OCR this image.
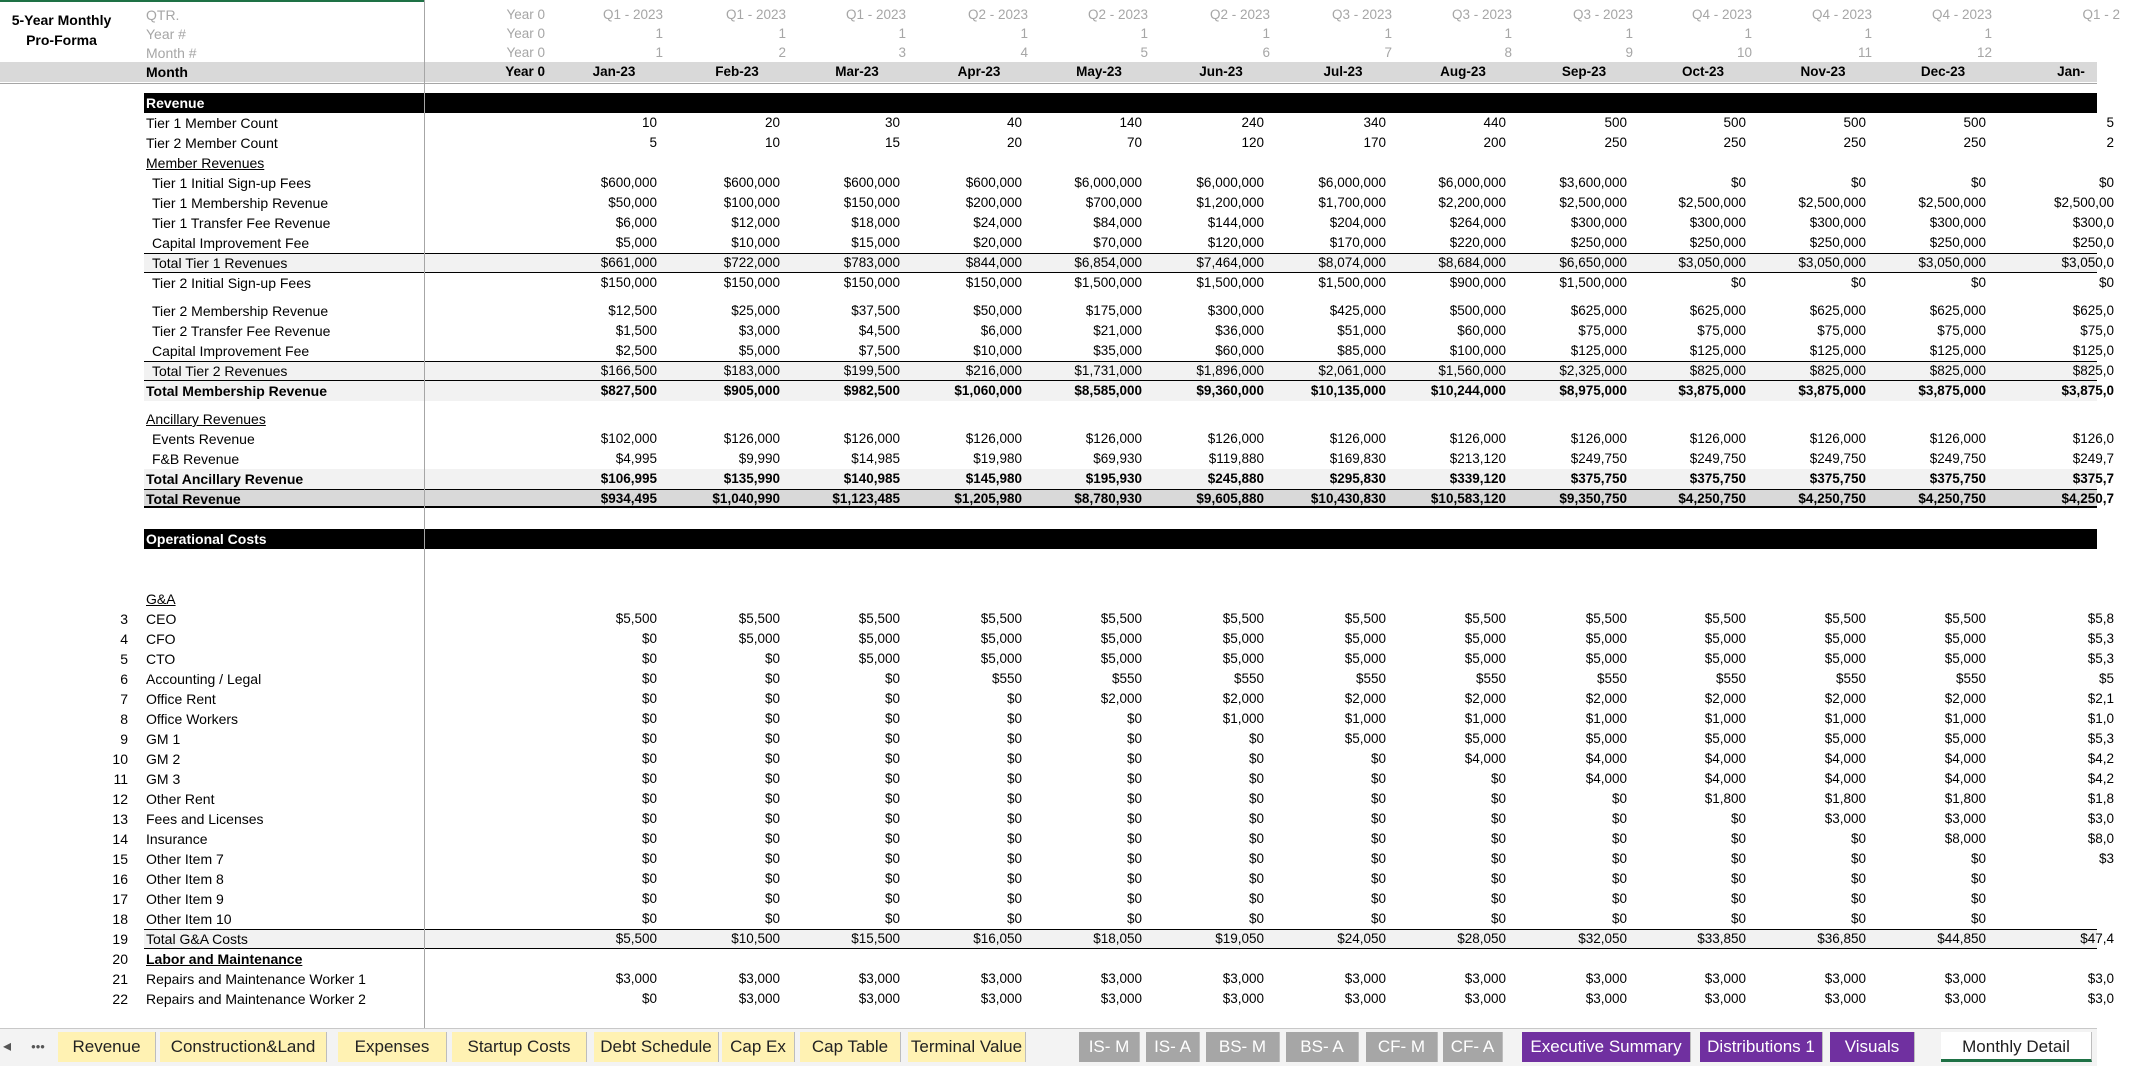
5-Year Monthly
Pro-Forma
QTR.	Year 0	Q1 - 2023	Q1 - 2023	Q1 - 2023	Q2 - 2023	Q2 - 2023	Q2 - 2023	Q3 - 2023	Q3 - 2023	Q3 - 2023	Q4 - 2023	Q4 - 2023	Q4 - 2023	Q1 - 2
Year #	Year 0	1	1	1	1	1	1	1	1	1	1	1	1
Month #	Year 0	1	2	3	4	5	6	7	8	9	10	11	12
Month	Year 0	Jan-23	Feb-23	Mar-23	Apr-23	May-23	Jun-23	Jul-23	Aug-23	Sep-23	Oct-23	Nov-23	Dec-23	Jan-
Revenue
Tier 1 Member Count	10	20	30	40	140	240	340	440	500	500	500	500	5
Tier 2 Member Count	5	10	15	20	70	120	170	200	250	250	250	250	2
Member Revenues
Tier 1 Initial Sign-up Fees	$600,000	$600,000	$600,000	$600,000	$6,000,000	$6,000,000	$6,000,000	$6,000,000	$3,600,000	$0	$0	$0	$0
Tier 1 Membership Revenue	$50,000	$100,000	$150,000	$200,000	$700,000	$1,200,000	$1,700,000	$2,200,000	$2,500,000	$2,500,000	$2,500,000	$2,500,000	$2,500,00
Tier 1 Transfer Fee Revenue	$6,000	$12,000	$18,000	$24,000	$84,000	$144,000	$204,000	$264,000	$300,000	$300,000	$300,000	$300,000	$300,0
Capital Improvement Fee	$5,000	$10,000	$15,000	$20,000	$70,000	$120,000	$170,000	$220,000	$250,000	$250,000	$250,000	$250,000	$250,0
Total Tier 1 Revenues	$661,000	$722,000	$783,000	$844,000	$6,854,000	$7,464,000	$8,074,000	$8,684,000	$6,650,000	$3,050,000	$3,050,000	$3,050,000	$3,050,0
Tier 2 Initial Sign-up Fees	$150,000	$150,000	$150,000	$150,000	$1,500,000	$1,500,000	$1,500,000	$900,000	$1,500,000	$0	$0	$0	$0
Tier 2 Membership Revenue	$12,500	$25,000	$37,500	$50,000	$175,000	$300,000	$425,000	$500,000	$625,000	$625,000	$625,000	$625,000	$625,0
Tier 2 Transfer Fee Revenue	$1,500	$3,000	$4,500	$6,000	$21,000	$36,000	$51,000	$60,000	$75,000	$75,000	$75,000	$75,000	$75,0
Capital Improvement Fee	$2,500	$5,000	$7,500	$10,000	$35,000	$60,000	$85,000	$100,000	$125,000	$125,000	$125,000	$125,000	$125,0
Total Tier 2 Revenues	$166,500	$183,000	$199,500	$216,000	$1,731,000	$1,896,000	$2,061,000	$1,560,000	$2,325,000	$825,000	$825,000	$825,000	$825,0
Total Membership Revenue	$827,500	$905,000	$982,500	$1,060,000	$8,585,000	$9,360,000	$10,135,000	$10,244,000	$8,975,000	$3,875,000	$3,875,000	$3,875,000	$3,875,0
Ancillary Revenues
Events Revenue	$102,000	$126,000	$126,000	$126,000	$126,000	$126,000	$126,000	$126,000	$126,000	$126,000	$126,000	$126,000	$126,0
F&B Revenue	$4,995	$9,990	$14,985	$19,980	$69,930	$119,880	$169,830	$213,120	$249,750	$249,750	$249,750	$249,750	$249,7
Total Ancillary Revenue	$106,995	$135,990	$140,985	$145,980	$195,930	$245,880	$295,830	$339,120	$375,750	$375,750	$375,750	$375,750	$375,7
Total Revenue	$934,495	$1,040,990	$1,123,485	$1,205,980	$8,780,930	$9,605,880	$10,430,830	$10,583,120	$9,350,750	$4,250,750	$4,250,750	$4,250,750	$4,250,7
Operational Costs
G&A
3 CEO	$5,500	$5,500	$5,500	$5,500	$5,500	$5,500	$5,500	$5,500	$5,500	$5,500	$5,500	$5,500	$5,8
4 CFO	$0	$5,000	$5,000	$5,000	$5,000	$5,000	$5,000	$5,000	$5,000	$5,000	$5,000	$5,000	$5,3
5 CTO	$0	$0	$5,000	$5,000	$5,000	$5,000	$5,000	$5,000	$5,000	$5,000	$5,000	$5,000	$5,3
6 Accounting / Legal	$0	$0	$0	$550	$550	$550	$550	$550	$550	$550	$550	$550	$5
7 Office Rent	$0	$0	$0	$0	$2,000	$2,000	$2,000	$2,000	$2,000	$2,000	$2,000	$2,000	$2,1
8 Office Workers	$0	$0	$0	$0	$0	$1,000	$1,000	$1,000	$1,000	$1,000	$1,000	$1,000	$1,0
9 GM 1	$0	$0	$0	$0	$0	$0	$5,000	$5,000	$5,000	$5,000	$5,000	$5,000	$5,3
10 GM 2	$0	$0	$0	$0	$0	$0	$0	$4,000	$4,000	$4,000	$4,000	$4,000	$4,2
11 GM 3	$0	$0	$0	$0	$0	$0	$0	$0	$4,000	$4,000	$4,000	$4,000	$4,2
12 Other Rent	$0	$0	$0	$0	$0	$0	$0	$0	$0	$1,800	$1,800	$1,800	$1,8
13 Fees and Licenses	$0	$0	$0	$0	$0	$0	$0	$0	$0	$0	$3,000	$3,000	$3,0
14 Insurance	$0	$0	$0	$0	$0	$0	$0	$0	$0	$0	$0	$8,000	$8,0
15 Other Item 7	$0	$0	$0	$0	$0	$0	$0	$0	$0	$0	$0	$0	$3
16 Other Item 8	$0	$0	$0	$0	$0	$0	$0	$0	$0	$0	$0	$0
17 Other Item 9	$0	$0	$0	$0	$0	$0	$0	$0	$0	$0	$0	$0
18 Other Item 10	$0	$0	$0	$0	$0	$0	$0	$0	$0	$0	$0	$0
19 Total G&A Costs	$5,500	$10,500	$15,500	$16,050	$18,050	$19,050	$24,050	$28,050	$32,050	$33,850	$36,850	$44,850	$47,4
20 Labor and Maintenance
21 Repairs and Maintenance Worker 1	$3,000	$3,000	$3,000	$3,000	$3,000	$3,000	$3,000	$3,000	$3,000	$3,000	$3,000	$3,000	$3,0
22 Repairs and Maintenance Worker 2	$0	$3,000	$3,000	$3,000	$3,000	$3,000	$3,000	$3,000	$3,000	$3,000	$3,000	$3,000	$3,0
◂	•••	Revenue	Construction&Land	Expenses	Startup Costs	Debt Schedule	Cap Ex	Cap Table	Terminal Value	IS- M	IS- A	BS- M	BS- A	CF- M	CF- A	Executive Summary	Distributions 1	Visuals	Monthly Detail
